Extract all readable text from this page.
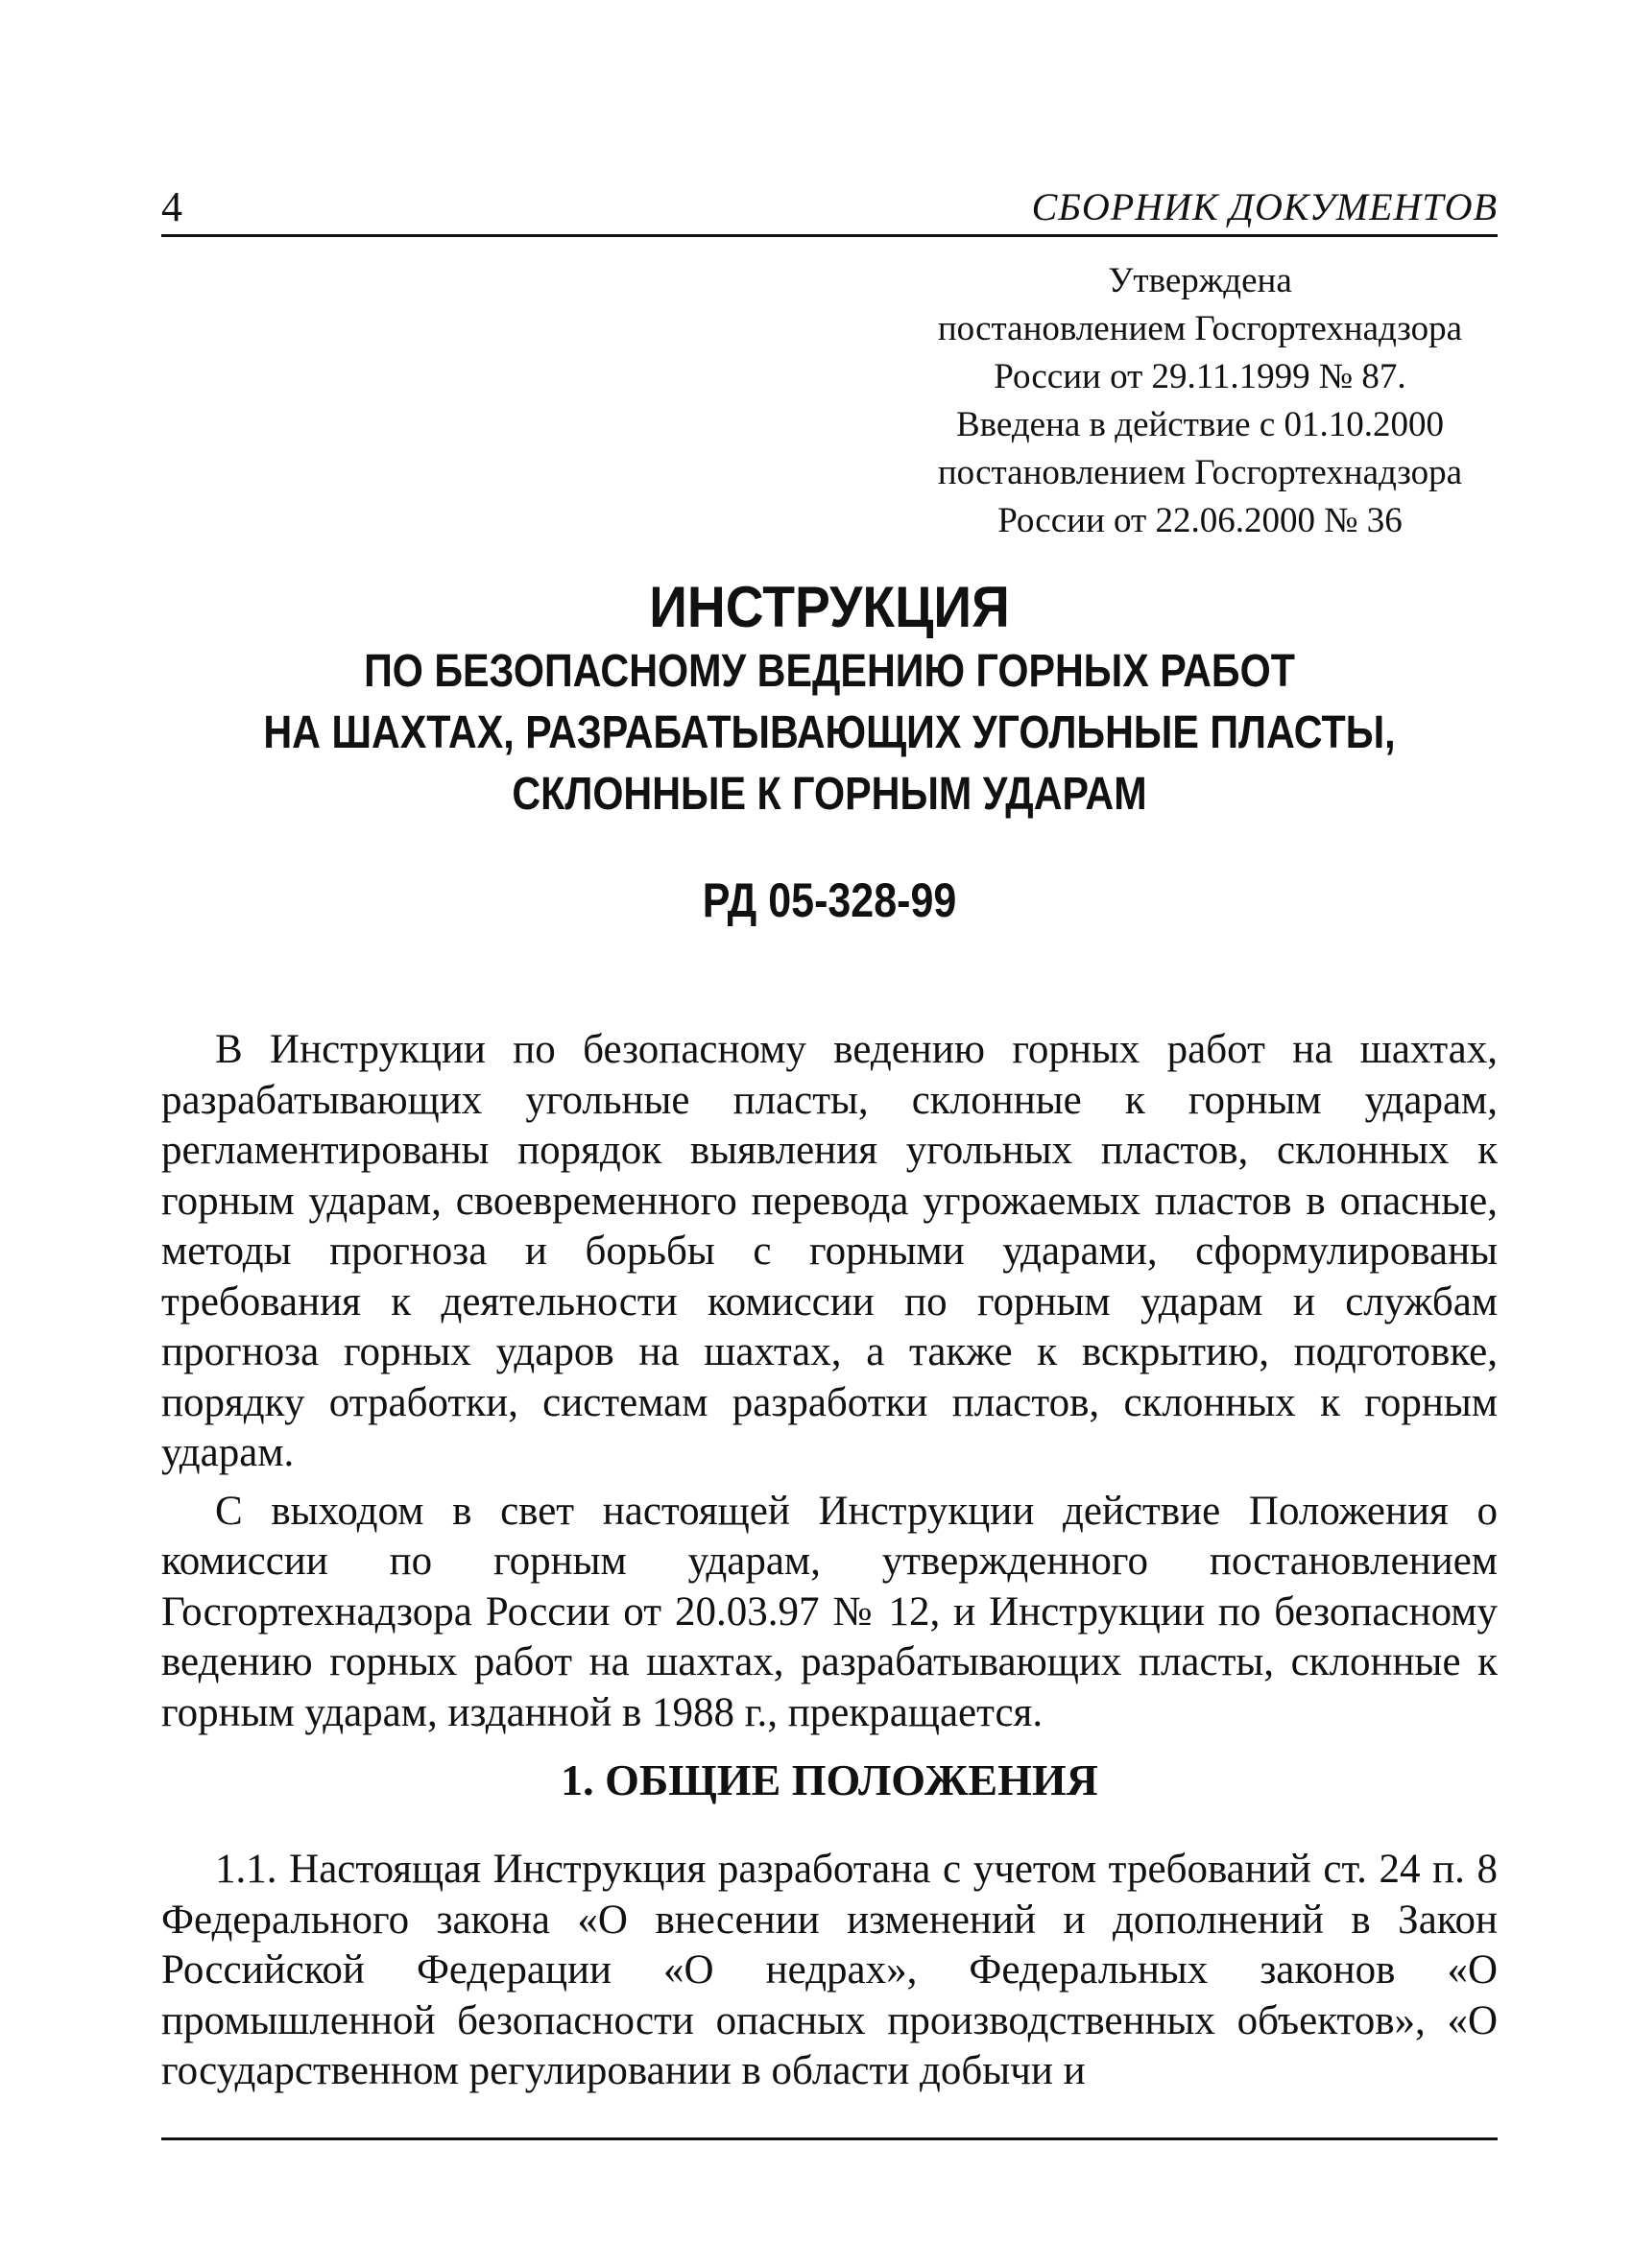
4	СБОРНИК ДОКУМЕНТОВ
Утверждена
постановлением Госгортехнадзора
России от 29.11.1999 № 87.
Введена в действие с 01.10.2000
постановлением Госгортехнадзора
России от 22.06.2000 № 36
ИНСТРУКЦИЯ
ПО БЕЗОПАСНОМУ ВЕДЕНИЮ ГОРНЫХ РАБОТ
НА ШАХТАХ, РАЗРАБАТЫВАЮЩИХ УГОЛЬНЫЕ ПЛАСТЫ,
СКЛОННЫЕ К ГОРНЫМ УДАРАМ
РД 05-328-99

В Инструкции по безопасному ведению горных работ на шахтах, разрабатывающих угольные пласты, склонные к горным ударам, регламентированы порядок выявления угольных пластов, склонных к горным ударам, своевременного перевода угрожаемых пластов в опасные, методы прогноза и борьбы с горными ударами, сформулированы требования к деятельности комиссии по горным ударам и службам прогноза горных ударов на шахтах, а также к вскрытию, подготовке, порядку отработки, системам разработки пластов, склонных к горным ударам.

С выходом в свет настоящей Инструкции действие Положения о комиссии по горным ударам, утвержденного постановлением Госгортехнадзора России от 20.03.97 № 12, и Инструкции по безопасному ведению горных работ на шахтах, разрабатывающих пласты, склонные к горным ударам, изданной в 1988 г., прекращается.

1. ОБЩИЕ ПОЛОЖЕНИЯ

1.1. Настоящая Инструкция разработана с учетом требований ст. 24 п. 8 Федерального закона «О внесении изменений и дополнений в Закон Российской Федерации «О недрах», Федеральных законов «О промышленной безопасности опасных производственных объектов», «О государственном регулировании в области добычи и
